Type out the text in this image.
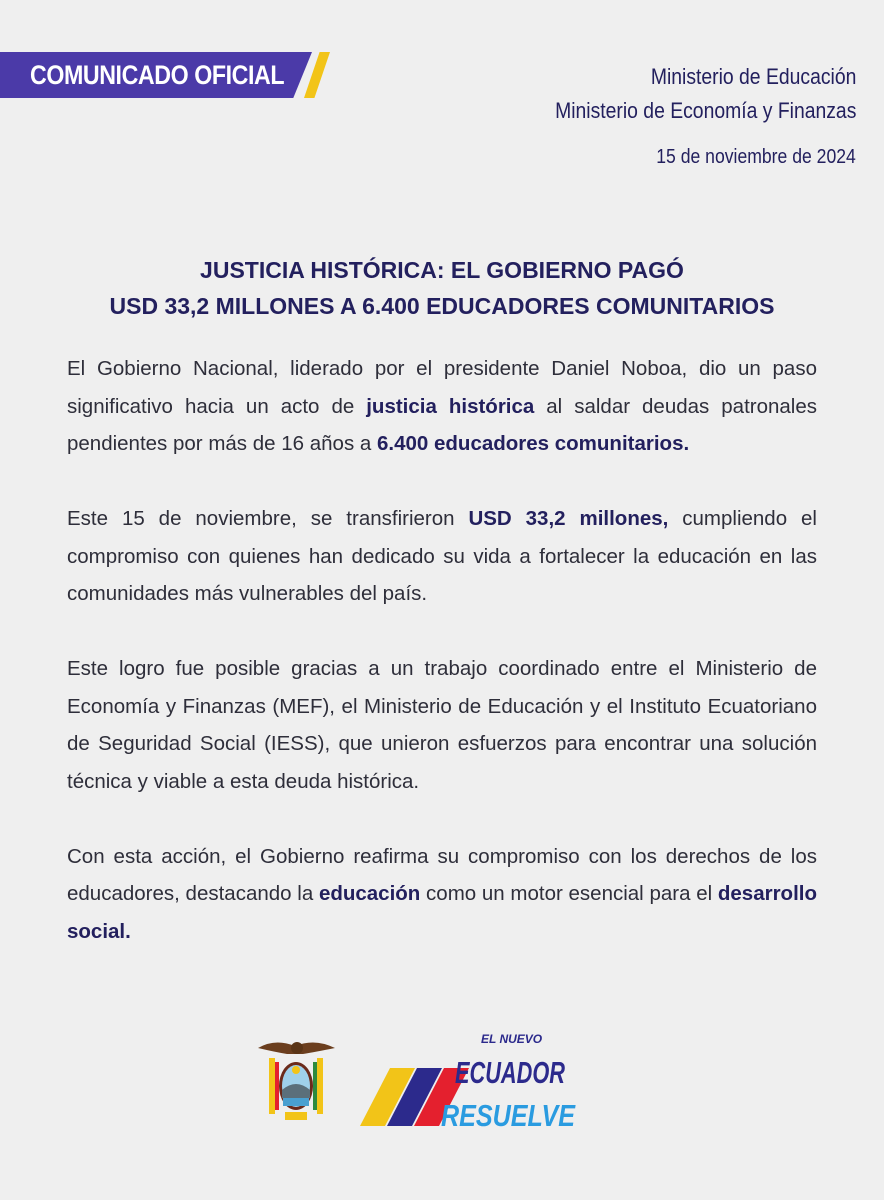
COMUNICADO OFICIAL	Ministerio de Educación
Ministerio de Economía y Finanzas
15 de noviembre de 2024
JUSTICIA HISTÓRICA: EL GOBIERNO PAGÓ
USD 33,2 MILLONES A 6.400 EDUCADORES COMUNITARIOS

El Gobierno Nacional, liderado por el presidente Daniel Noboa, dio un paso significativo hacia un acto de justicia histórica al saldar deudas patronales pendientes por más de 16 años a 6.400 educadores comunitarios.

Este 15 de noviembre, se transfirieron USD 33,2 millones, cumpliendo el compromiso con quienes han dedicado su vida a fortalecer la educación en las comunidades más vulnerables del país.

Este logro fue posible gracias a un trabajo coordinado entre el Ministerio de Economía y Finanzas (MEF), el Ministerio de Educación y el Instituto Ecuatoriano de Seguridad Social (IESS), que unieron esfuerzos para encontrar una solución técnica y viable a esta deuda histórica.

Con esta acción, el Gobierno reafirma su compromiso con los derechos de los educadores, destacando la educación como un motor esencial para el desarrollo social.

EL NUEVO
ECUADOR
RESUELVE
